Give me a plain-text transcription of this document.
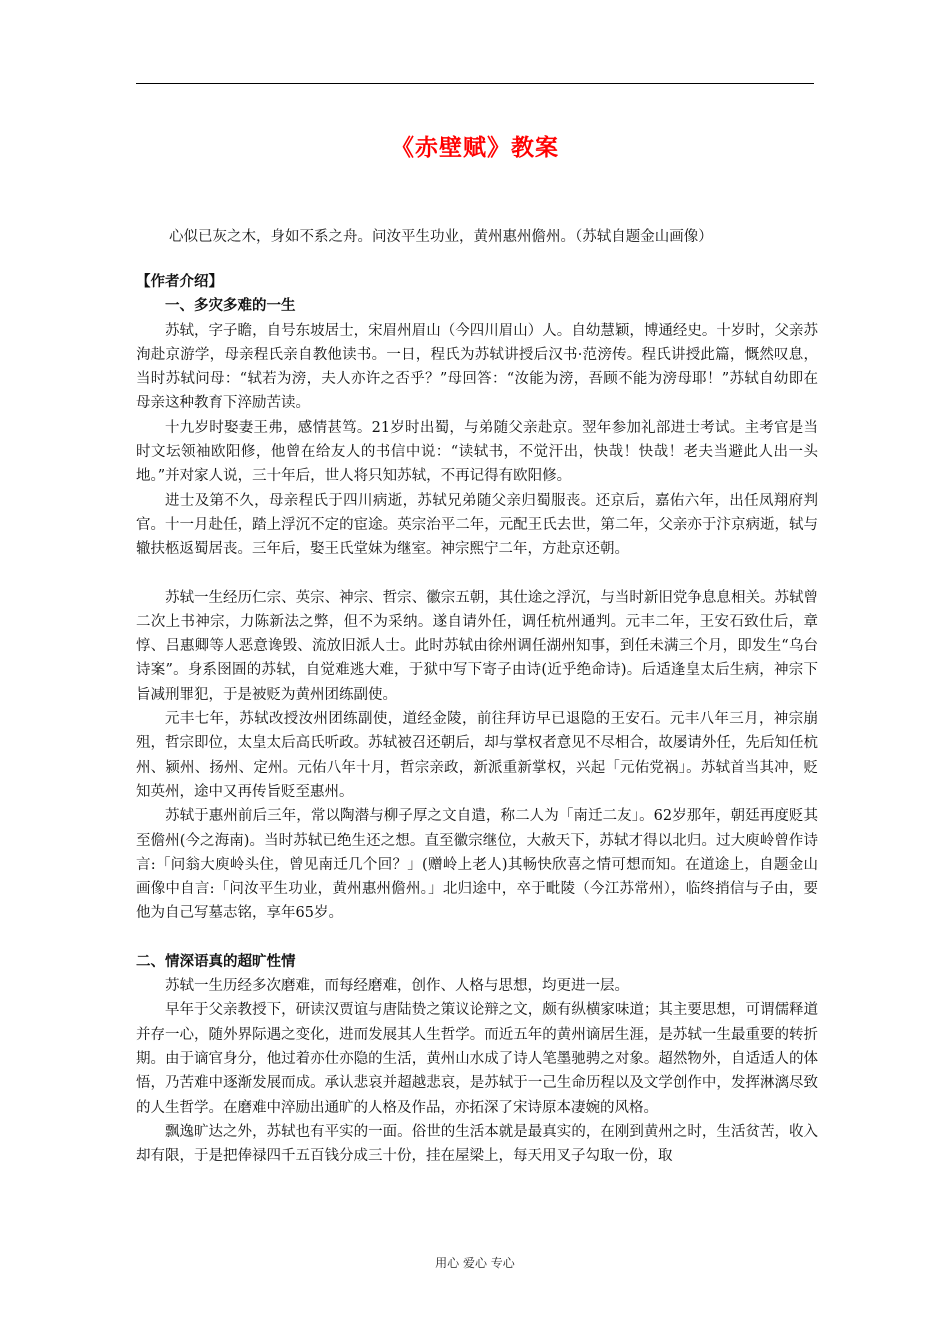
《赤壁赋》教案
心似已灰之木，身如不系之舟。问汝平生功业，黄州惠州儋州。（苏轼自题金山画像）
【作者介绍】
一、多灾多难的一生

苏轼，字子瞻，自号东坡居士，宋眉州眉山（今四川眉山）人。自幼慧颖，博通经史。十岁时，父亲苏洵赴京游学，母亲程氏亲自教他读书。一日，程氏为苏轼讲授后汉书·范滂传。程氏讲授此篇，慨然叹息，当时苏轼问母：“轼若为滂，夫人亦许之否乎？”母回答：“汝能为滂，吾顾不能为滂母耶！”苏轼自幼即在母亲这种教育下淬励苦读。

十九岁时娶妻王弗，感情甚笃。21岁时出蜀，与弟随父亲赴京。翌年参加礼部进士考试。主考官是当时文坛领袖欧阳修，他曾在给友人的书信中说：“读轼书，不觉汗出，快哉！快哉！老夫当避此人出一头地。”并对家人说，三十年后，世人将只知苏轼，不再记得有欧阳修。

进士及第不久，母亲程氏于四川病逝，苏轼兄弟随父亲归蜀服丧。还京后，嘉佑六年，出任凤翔府判官。十一月赴任，踏上浮沉不定的宦途。英宗治平二年，元配王氏去世，第二年，父亲亦于汴京病逝，轼与辙扶柩返蜀居丧。三年后，娶王氏堂妹为继室。神宗熙宁二年，方赴京还朝。

苏轼一生经历仁宗、英宗、神宗、哲宗、徽宗五朝，其仕途之浮沉，与当时新旧党争息息相关。苏轼曾二次上书神宗，力陈新法之弊，但不为采纳。遂自请外任，调任杭州通判。元丰二年，王安石致仕后，章惇、吕惠卿等人恶意谗毁、流放旧派人士。此时苏轼由徐州调任湖州知事，到任未满三个月，即发生“乌台诗案”。身系囹圄的苏轼，自觉难逃大难，于狱中写下寄子由诗(近乎绝命诗)。后适逢皇太后生病，神宗下旨减刑罪犯，于是被贬为黄州团练副使。

元丰七年，苏轼改授汝州团练副使，道经金陵，前往拜访早已退隐的王安石。元丰八年三月，神宗崩殂，哲宗即位，太皇太后高氏听政。苏轼被召还朝后，却与掌权者意见不尽相合，故屡请外任，先后知任杭州、颍州、扬州、定州。元佑八年十月，哲宗亲政，新派重新掌权，兴起「元佑党祸」。苏轼首当其冲，贬知英州，途中又再传旨贬至惠州。

苏轼于惠州前后三年，常以陶潜与柳子厚之文自遣，称二人为「南迁二友」。62岁那年，朝廷再度贬其至儋州(今之海南)。当时苏轼已绝生还之想。直至徽宗继位，大赦天下，苏轼才得以北归。过大庾岭曾作诗言:「问翁大庾岭头住，曾见南迁几个回？」(赠岭上老人)其畅快欣喜之情可想而知。在道途上，自题金山画像中自言:「问汝平生功业，黄州惠州儋州。」北归途中，卒于毗陵（今江苏常州），临终捎信与子由，要他为自己写墓志铭，享年65岁。

二、情深语真的超旷性情

苏轼一生历经多次磨难，而每经磨难，创作、人格与思想，均更进一层。

早年于父亲教授下，研读汉贾谊与唐陆贽之策议论辩之文，颇有纵横家味道；其主要思想，可谓儒释道并存一心，随外界际遇之变化，进而发展其人生哲学。而近五年的黄州谪居生涯，是苏轼一生最重要的转折期。由于谪官身分，他过着亦仕亦隐的生活，黄州山水成了诗人笔墨驰骋之对象。超然物外，自适适人的体悟，乃苦难中逐渐发展而成。承认悲哀并超越悲哀，是苏轼于一己生命历程以及文学创作中，发挥淋漓尽致的人生哲学。在磨难中淬励出通旷的人格及作品，亦拓深了宋诗原本凄婉的风格。

飘逸旷达之外，苏轼也有平实的一面。俗世的生活本就是最真实的，在刚到黄州之时，生活贫苦，收入却有限，于是把俸禄四千五百钱分成三十份，挂在屋梁上，每天用叉子勾取一份，取

用心 爱心 专心
